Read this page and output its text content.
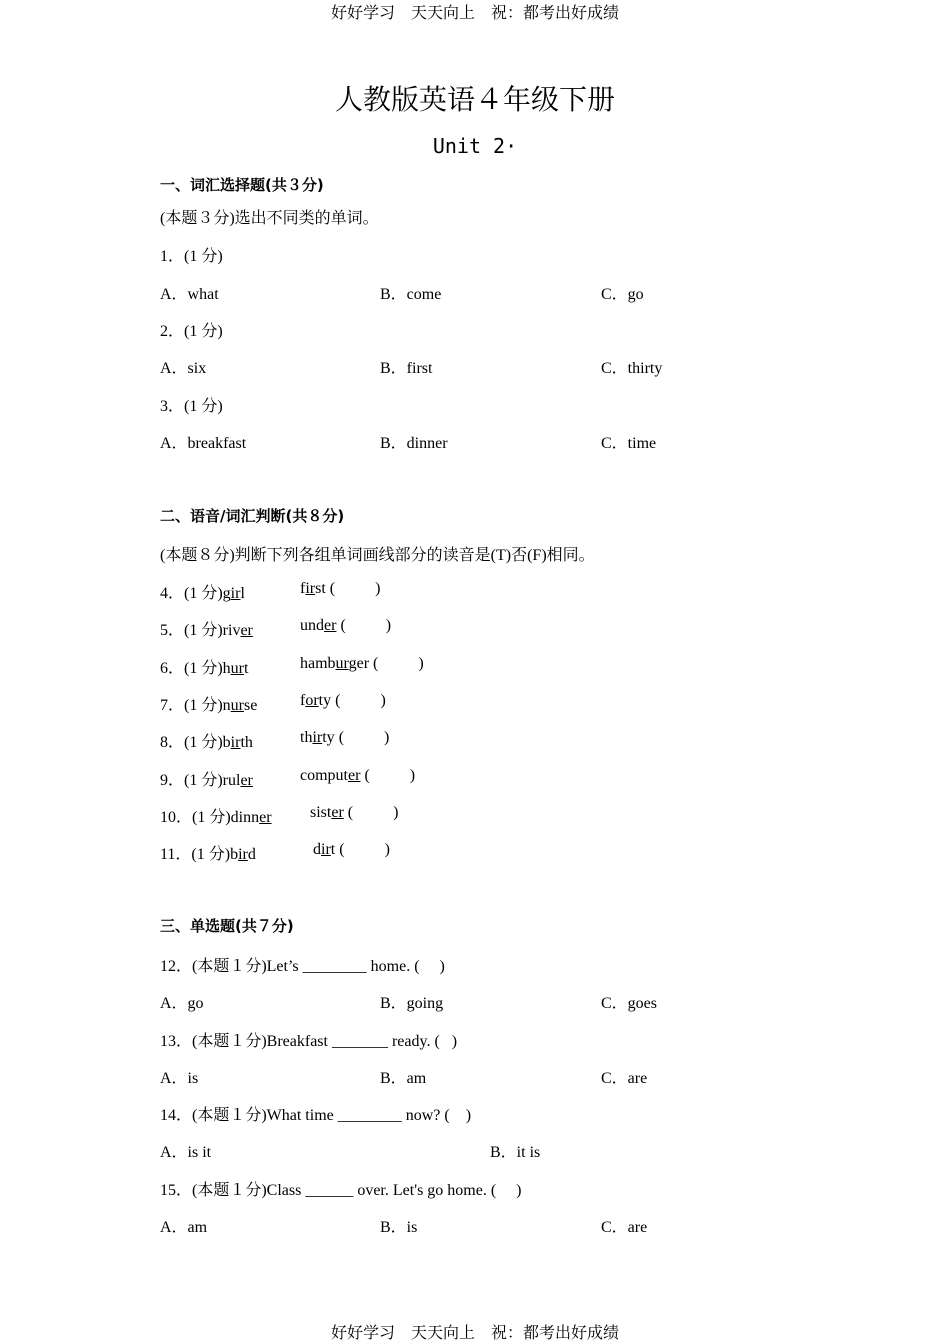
好好学习　天天向上　祝：都考出好成绩
人教版英语４年级下册
Unit 2·
一、词汇选择题(共３分)
(本题３分)选出不同类的单词。
1．(1 分)
A．what	B．come	C．go
2．(1 分)
A．six	B．first	C．thirty
3．(1 分)
A．breakfast	B．dinner	C．time
二、语音/词汇判断(共８分)
(本题８分)判断下列各组单词画线部分的读音是(T)否(F)相同。
4．(1 分)girl	first (          )
5．(1 分)river	under (          )
6．(1 分)hurt	hamburger (          )
7．(1 分)nurse	forty (          )
8．(1 分)birth	thirty (          )
9．(1 分)ruler	computer (          )
10．(1 分)dinner sister (          )
11．(1 分)bird	dirt (          )
三、单选题(共７分)
12．(本题１分)Let’s ________ home. (     )
A．go	B．going	C．goes
13．(本题１分)Breakfast _______ ready. (   )
A．is	B．am	C．are
14．(本题１分)What time ________ now? (    )
A．is it	B．it is
15．(本题１分)Class ______ over. Let's go home. (     )
A．am	B．is	C．are
好好学习　天天向上　祝：都考出好成绩
